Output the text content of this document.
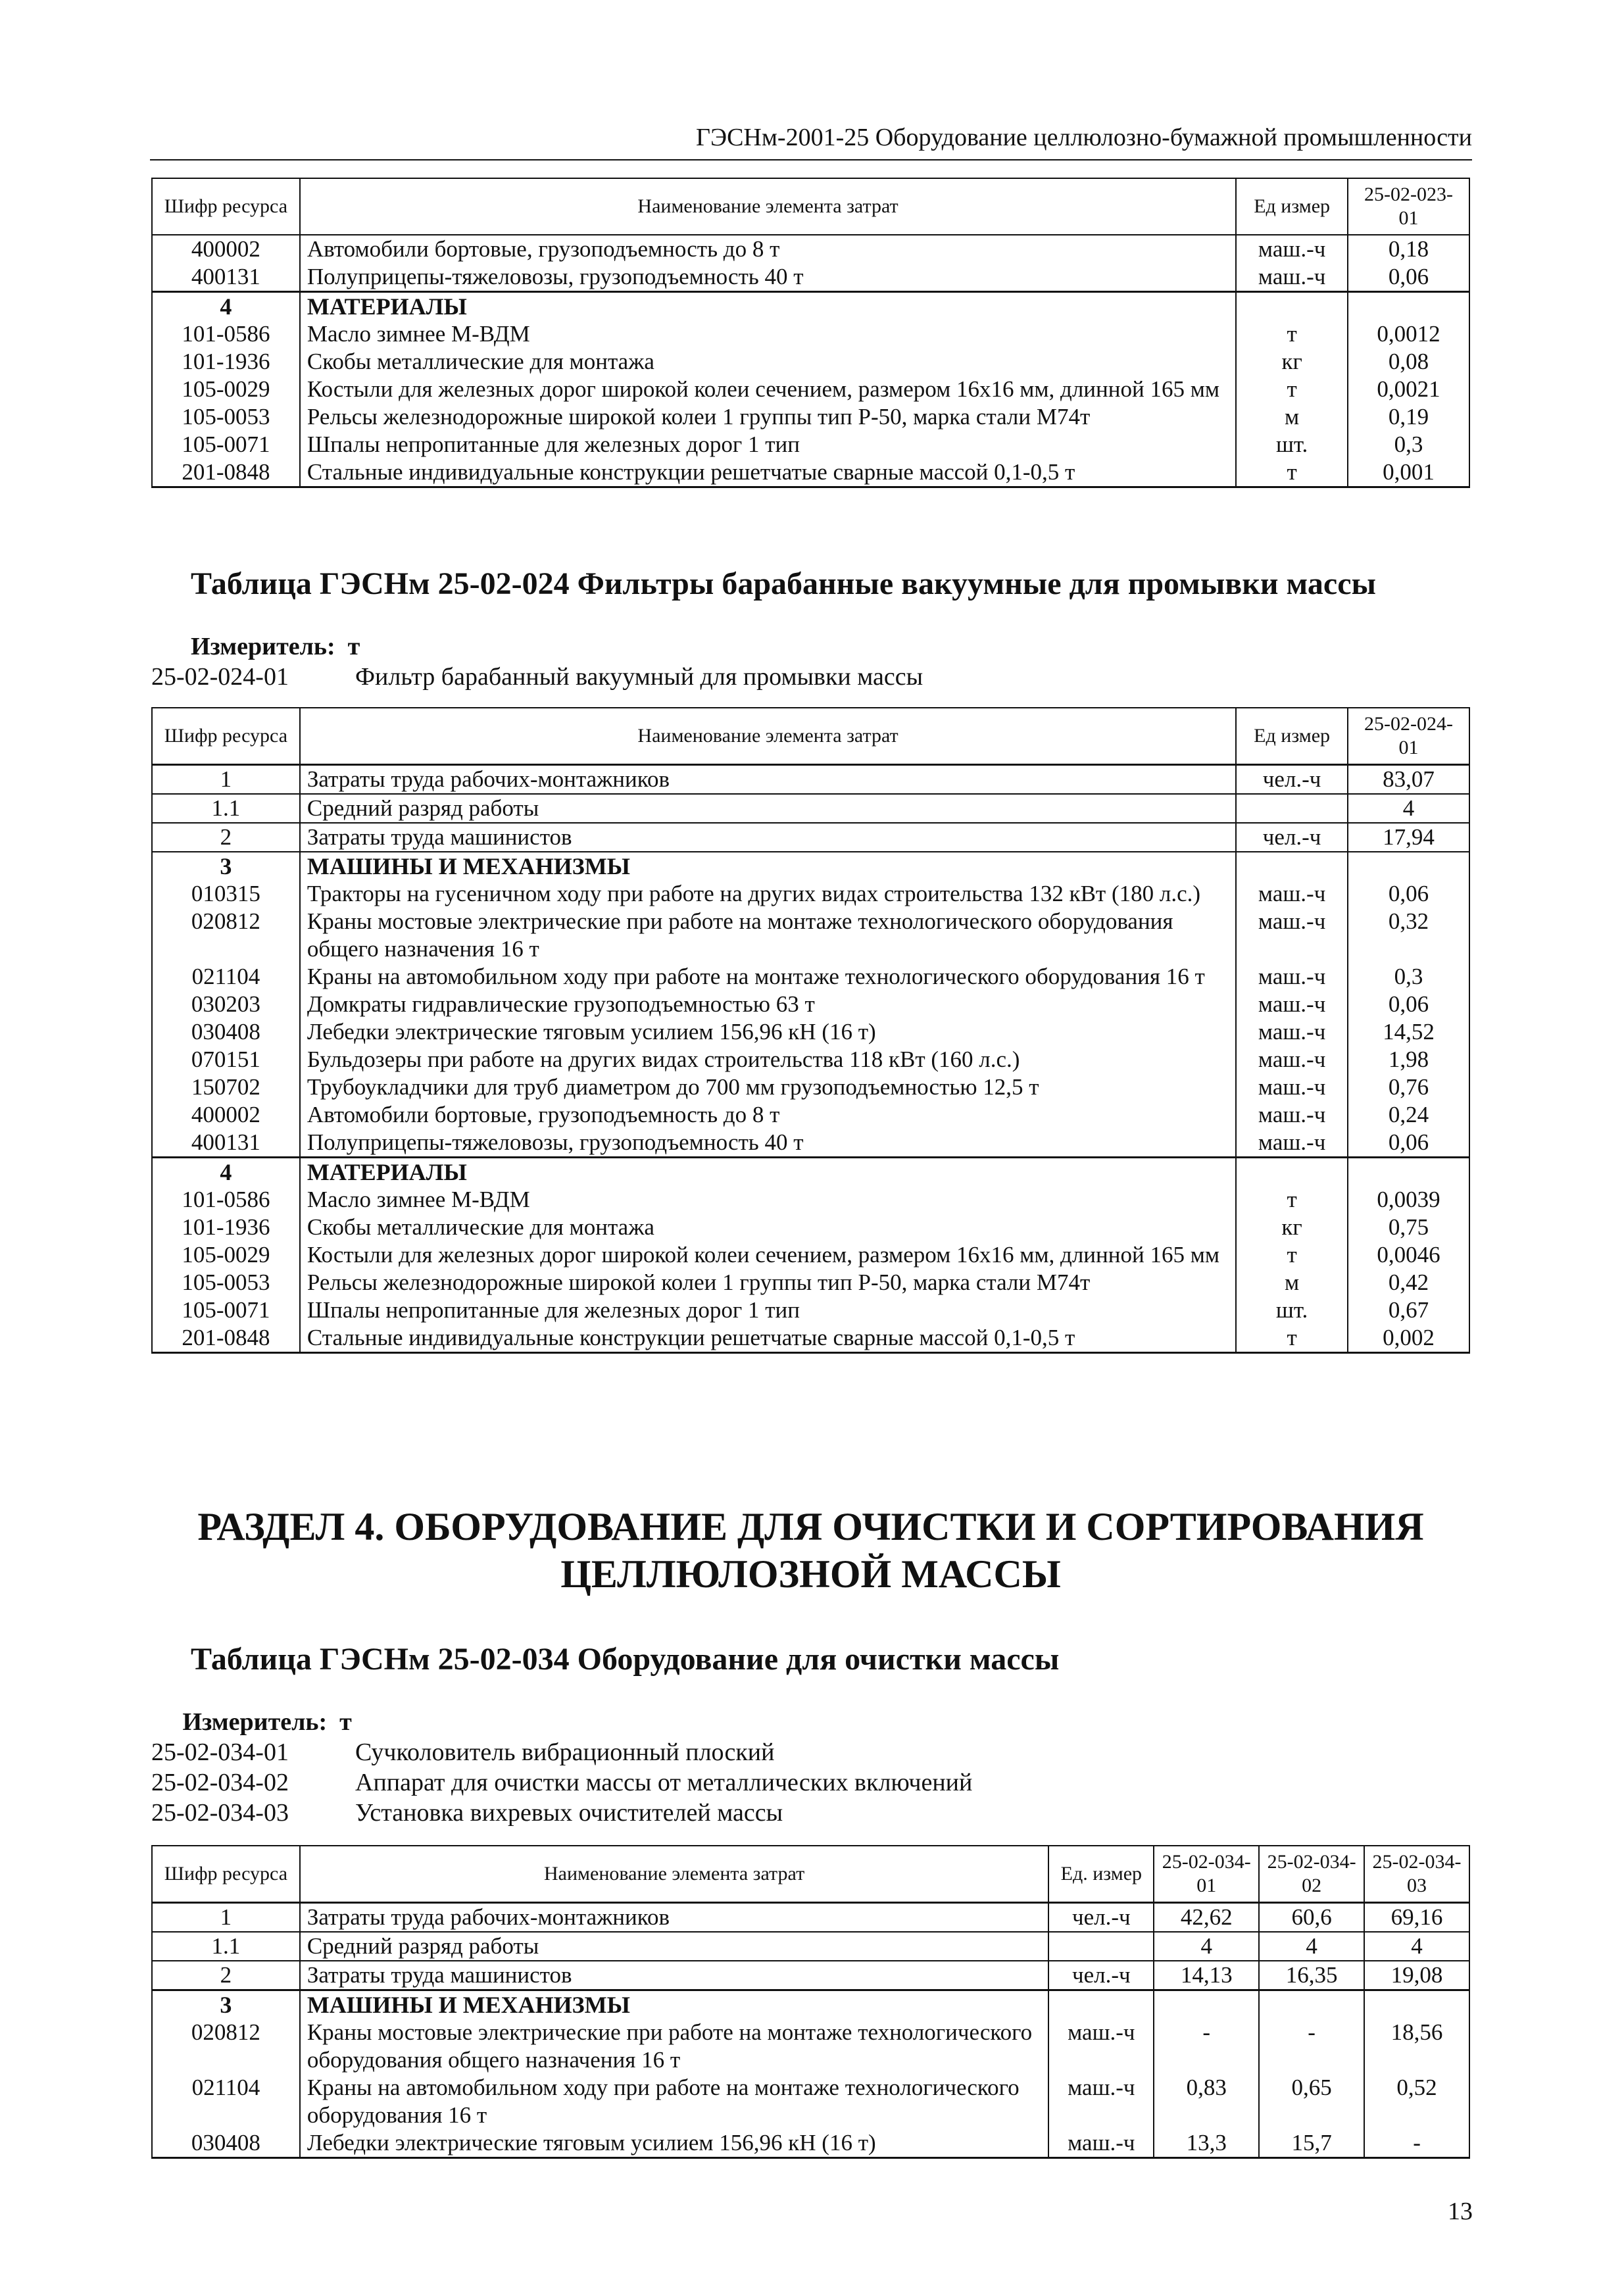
ГЭСНм-2001-25 Оборудование целлюлозно-бумажной промышленности
Шифр ресурса	Наименование элемента затрат	Ед измер	25-02-023-01
400002	Автомобили бортовые, грузоподъемность до 8 т	маш.-ч	0,18
400131	Полуприцепы-тяжеловозы, грузоподъемность 40 т	маш.-ч	0,06
4	МАТЕРИАЛЫ		
101-0586	Масло зимнее М-ВДМ	т	0,0012
101-1936	Скобы металлические для монтажа	кг	0,08
105-0029	Костыли для железных дорог широкой колеи сечением, размером 16х16 мм, длинной 165 мм	т	0,0021
105-0053	Рельсы железнодорожные широкой колеи 1 группы тип Р-50, марка стали М74т	м	0,19
105-0071	Шпалы непропитанные для железных дорог 1 тип	шт.	0,3
201-0848	Стальные индивидуальные конструкции решетчатые сварные массой 0,1-0,5 т	т	0,001
Таблица ГЭСНм 25-02-024 Фильтры барабанные вакуумные для промывки массы
Измеритель: т
25-02-024-01	Фильтр барабанный вакуумный для промывки массы
Шифр ресурса	Наименование элемента затрат	Ед измер	25-02-024-01
1	Затраты труда рабочих-монтажников	чел.-ч	83,07
1.1	Средний разряд работы		4
2	Затраты труда машинистов	чел.-ч	17,94
3	МАШИНЫ И МЕХАНИЗМЫ		
010315	Тракторы на гусеничном ходу при работе на других видах строительства 132 кВт (180 л.с.)	маш.-ч	0,06
020812	Краны мостовые электрические при работе на монтаже технологического оборудования общего назначения 16 т	маш.-ч	0,32
021104	Краны на автомобильном ходу при работе на монтаже технологического оборудования 16 т	маш.-ч	0,3
030203	Домкраты гидравлические грузоподъемностью 63 т	маш.-ч	0,06
030408	Лебедки электрические тяговым усилием 156,96 кН (16 т)	маш.-ч	14,52
070151	Бульдозеры при работе на других видах строительства 118 кВт (160 л.с.)	маш.-ч	1,98
150702	Трубоукладчики для труб диаметром до 700 мм грузоподъемностью 12,5 т	маш.-ч	0,76
400002	Автомобили бортовые, грузоподъемность до 8 т	маш.-ч	0,24
400131	Полуприцепы-тяжеловозы, грузоподъемность 40 т	маш.-ч	0,06
4	МАТЕРИАЛЫ		
101-0586	Масло зимнее М-ВДМ	т	0,0039
101-1936	Скобы металлические для монтажа	кг	0,75
105-0029	Костыли для железных дорог широкой колеи сечением, размером 16х16 мм, длинной 165 мм	т	0,0046
105-0053	Рельсы железнодорожные широкой колеи 1 группы тип Р-50, марка стали М74т	м	0,42
105-0071	Шпалы непропитанные для железных дорог 1 тип	шт.	0,67
201-0848	Стальные индивидуальные конструкции решетчатые сварные массой 0,1-0,5 т	т	0,002
РАЗДЕЛ 4. ОБОРУДОВАНИЕ ДЛЯ ОЧИСТКИ И СОРТИРОВАНИЯ
ЦЕЛЛЮЛОЗНОЙ МАССЫ
Таблица ГЭСНм 25-02-034 Оборудование для очистки массы
Измеритель: т
25-02-034-01	Сучколовитель вибрационный плоский
25-02-034-02	Аппарат для очистки массы от металлических включений
25-02-034-03	Установка вихревых очистителей массы
Шифр ресурса	Наименование элемента затрат	Ед. измер	25-02-034-01	25-02-034-02	25-02-034-03
1	Затраты труда рабочих-монтажников	чел.-ч	42,62	60,6	69,16
1.1	Средний разряд работы		4	4	4
2	Затраты труда машинистов	чел.-ч	14,13	16,35	19,08
3	МАШИНЫ И МЕХАНИЗМЫ				
020812	Краны мостовые электрические при работе на монтаже технологического оборудования общего назначения 16 т	маш.-ч	-	-	18,56
021104	Краны на автомобильном ходу при работе на монтаже технологического оборудования 16 т	маш.-ч	0,83	0,65	0,52
030408	Лебедки электрические тяговым усилием 156,96 кН (16 т)	маш.-ч	13,3	15,7	-
13
